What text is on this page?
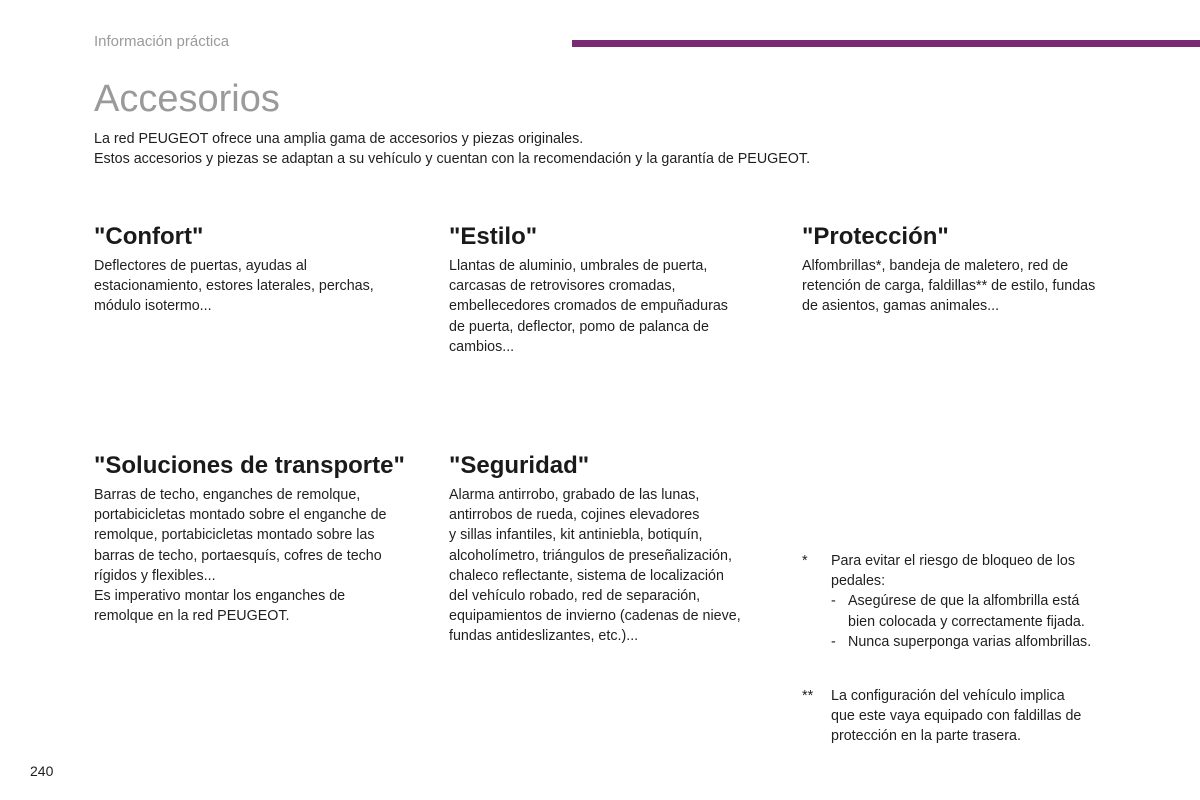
Información práctica
Accesorios

La red PEUGEOT ofrece una amplia gama de accesorios y piezas originales.

Estos accesorios y piezas se adaptan a su vehículo y cuentan con la recomendación y la garantía de PEUGEOT.

"Confort"
Deflectores de puertas, ayudas al
estacionamiento, estores laterales, perchas,
módulo isotermo...
"Estilo"
Llantas de aluminio, umbrales de puerta,
carcasas de retrovisores cromadas,
embellecedores cromados de empuñaduras
de puerta, deflector, pomo de palanca de
cambios...
"Protección"
Alfombrillas*, bandeja de maletero, red de
retención de carga, faldillas** de estilo, fundas
de asientos, gamas animales...
"Soluciones de transporte"
Barras de techo, enganches de remolque,
portabicicletas montado sobre el enganche de
remolque, portabicicletas montado sobre las
barras de techo, portaesquís, cofres de techo
rígidos y flexibles...
Es imperativo montar los enganches de
remolque en la red PEUGEOT.
"Seguridad"
Alarma antirrobo, grabado de las lunas,
antirrobos de rueda, cojines elevadores
y sillas infantiles, kit antiniebla, botiquín,
alcoholímetro, triángulos de preseñalización,
chaleco reflectante, sistema de localización
del vehículo robado, red de separación,
equipamientos de invierno (cadenas de nieve,
fundas antideslizantes, etc.)...
*	Para evitar el riesgo de bloqueo de los
pedales:
- Asegúrese de que la alfombrilla está
bien colocada y correctamente fijada.
- Nunca superponga varias alfombrillas.
**	La configuración del vehículo implica
que este vaya equipado con faldillas de
protección en la parte trasera.
240
